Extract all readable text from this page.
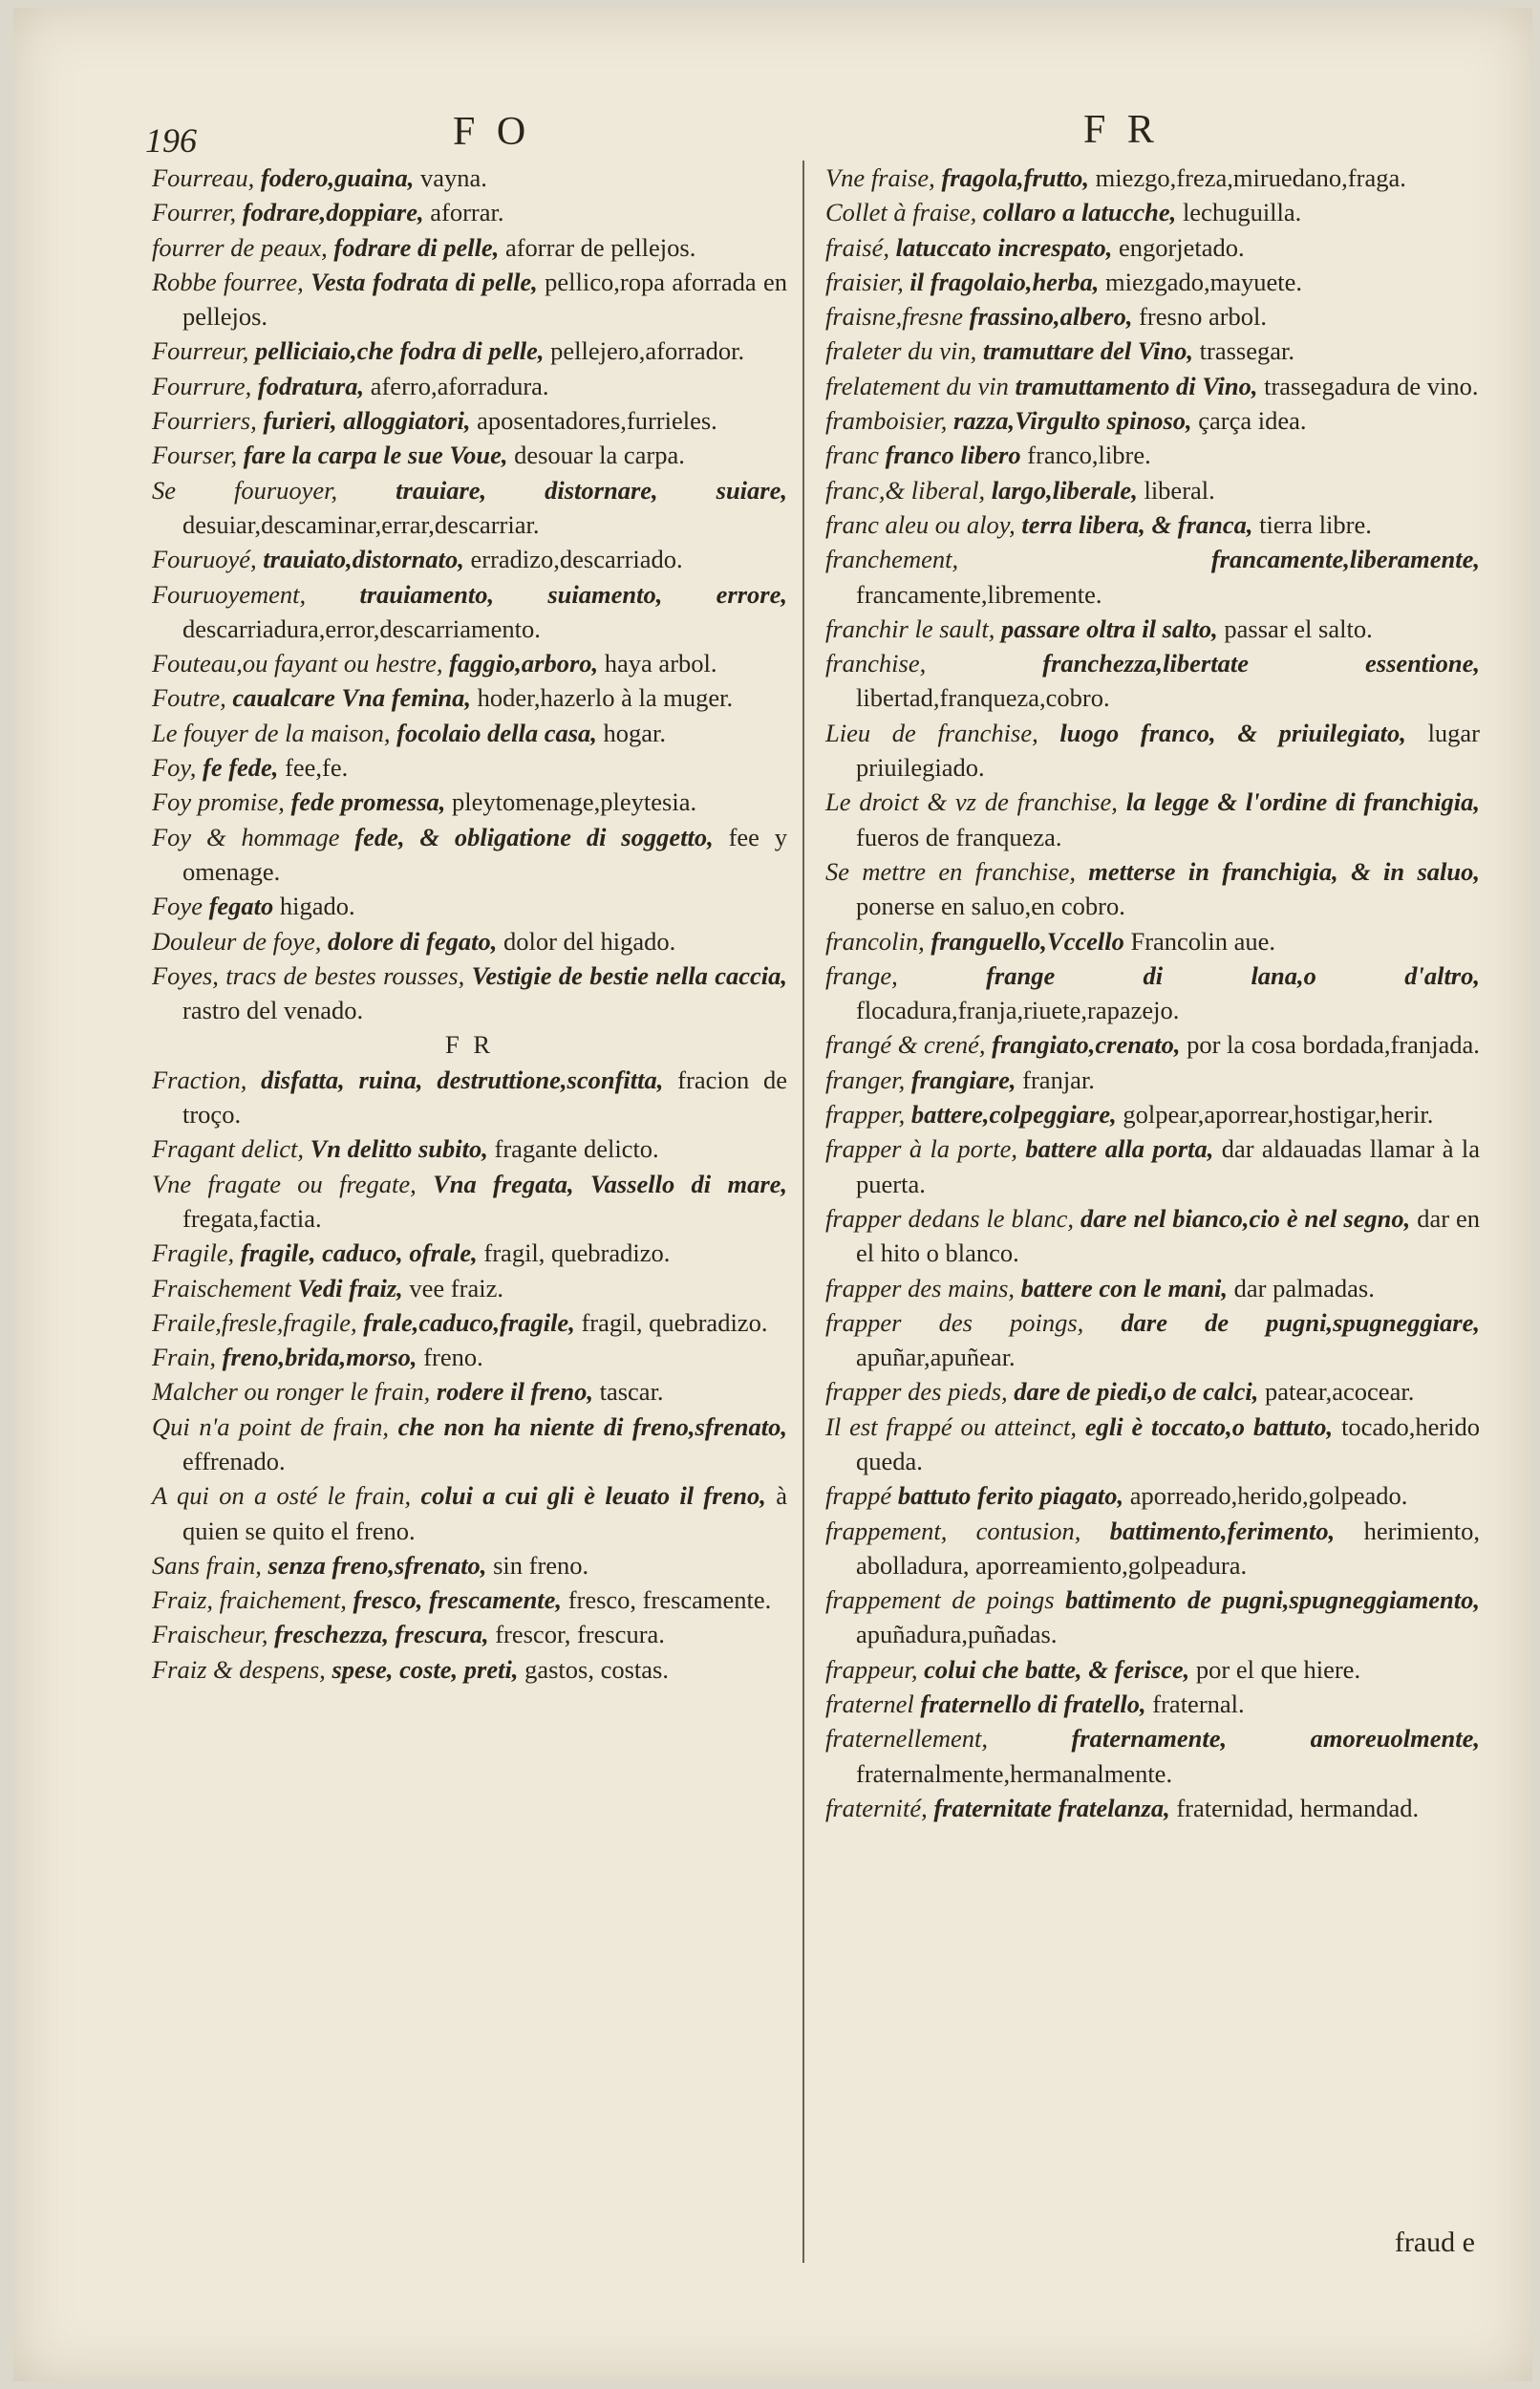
196	F O	F R
Fourreau, fodero,guaina, vayna.
Fourrer, fodrare,doppiare, aforrar.
fourrer de peaux, fodrare di pelle, aforrar de pellejos.
Robbe fourree, Vesta fodrata di pelle, pellico,ropa aforrada en pellejos.
Fourreur, pelliciaio,che fodra di pelle, pellejero,aforrador.
Fourrure, fodratura, aferro,aforradura.
Fourriers, furieri, alloggiatori, aposentadores,furrieles.
Fourser, fare la carpa le sue Voue, desouar la carpa.
Se fouruoyer, trauiare, distornare, suiare, desuiar,descaminar,errar,descarriar.
Fouruoyé, trauiato,distornato, erradizo,descarriado.
Fouruoyement, trauiamento, suiamento, errore, descarriadura,error,descarriamento.
Fouteau,ou fayant ou hestre, faggio,arboro, haya arbol.
Foutre, caualcare Vna femina, hoder,hazerlo à la muger.
Le fouyer de la maison, focolaio della casa, hogar.
Foy, fe fede, fee,fe.
Foy promise, fede promessa, pleytomenage,pleytesia.
Foy & hommage fede, & obligatione di soggetto, fee y omenage.
Foye fegato higado.
Douleur de foye, dolore di fegato, dolor del higado.
Foyes, tracs de bestes rousses, Vestigie de bestie nella caccia, rastro del venado.
F R
Fraction, disfatta, ruina, destruttione,sconfitta, fracion de troço.
Fragant delict, Vn delitto subito, fragante delicto.
Vne fragate ou fregate, Vna fregata, Vassello di mare, fregata,factia.
Fragile, fragile, caduco, ofrale, fragil, quebradizo.
Fraischement Vedi fraiz, vee fraiz.
Fraile,fresle,fragile, frale,caduco,fragile, fragil, quebradizo.
Frain, freno,brida,morso, freno.
Malcher ou ronger le frain, rodere il freno, tascar.
Qui n'a point de frain, che non ha niente di freno,sfrenato, effrenado.
A qui on a osté le frain, colui a cui gli è leuato il freno, à quien se quito el freno.
Sans frain, senza freno,sfrenato, sin freno.
Fraiz, fraichement, fresco, frescamente, fresco, frescamente.
Fraischeur, freschezza, frescura, frescor, frescura.
Fraiz & despens, spese, coste, preti, gastos, costas.
Vne fraise, fragola,frutto, miezgo,freza,miruedano,fraga.
Collet à fraise, collaro a latucche, lechuguilla.
fraisé, latuccato increspato, engorjetado.
fraisier, il fragolaio,herba, miezgado,mayuete.
fraisne,fresne frassino,albero, fresno arbol.
fraleter du vin, tramuttare del Vino, trassegar.
frelatement du vin tramuttamento di Vino, trassegadura de vino.
framboisier, razza,Virgulto spinoso, çarça idea.
franc franco libero franco,libre.
franc,& liberal, largo,liberale, liberal.
franc aleu ou aloy, terra libera, & franca, tierra libre.
franchement,	francamente,liberamente, francamente,libremente.
franchir le sault, passare oltra il salto, passar el salto.
franchise,	franchezza,libertate essentione, libertad,franqueza,cobro.
Lieu de franchise, luogo franco, & priuilegiato, lugar priuilegiado.
Le droict & vz de franchise, la legge & l'ordine di franchigia, fueros de franqueza.
Se mettre en franchise, metterse in franchigia, & in saluo, ponerse en saluo,en cobro.
francolin, franguello,Vccello Francolin aue.
frange,	frange di lana,o d'altro, flocadura,franja,riuete,rapazejo.
frangé & crené, frangiato,crenato, por la cosa bordada,franjada.
franger, frangiare, franjar.
frapper, battere,colpeggiare, golpear,aporrear,hostigar,herir.
frapper à la porte, battere alla porta, dar aldauadas llamar à la puerta.
frapper dedans le blanc, dare nel bianco,cio è nel segno, dar en el hito o blanco.
frapper des mains, battere con le mani, dar palmadas.
frapper des poings, dare de pugni,spugneggiare, apuñar,apuñear.
frapper des pieds, dare de piedi,o de calci, patear,acocear.
Il est frappé ou atteinct, egli è toccato,o battuto, tocado,herido queda.
frappé battuto ferito piagato, aporreado,herido,golpeado.
frappement, contusion, battimento,ferimento, herimiento, abolladura, aporreamiento,golpeadura.
frappement de poings battimento de pugni,spugneggiamento, apuñadura,puñadas.
frappeur, colui che batte, & ferisce, por el que hiere.
fraternel fraternello di fratello, fraternal.
fraternellement,	fraternamente, amoreuolmente, fraternalmente,hermanalmente.
fraternité, fraternitate fratelanza, fraternidad, hermandad.
fraud e
